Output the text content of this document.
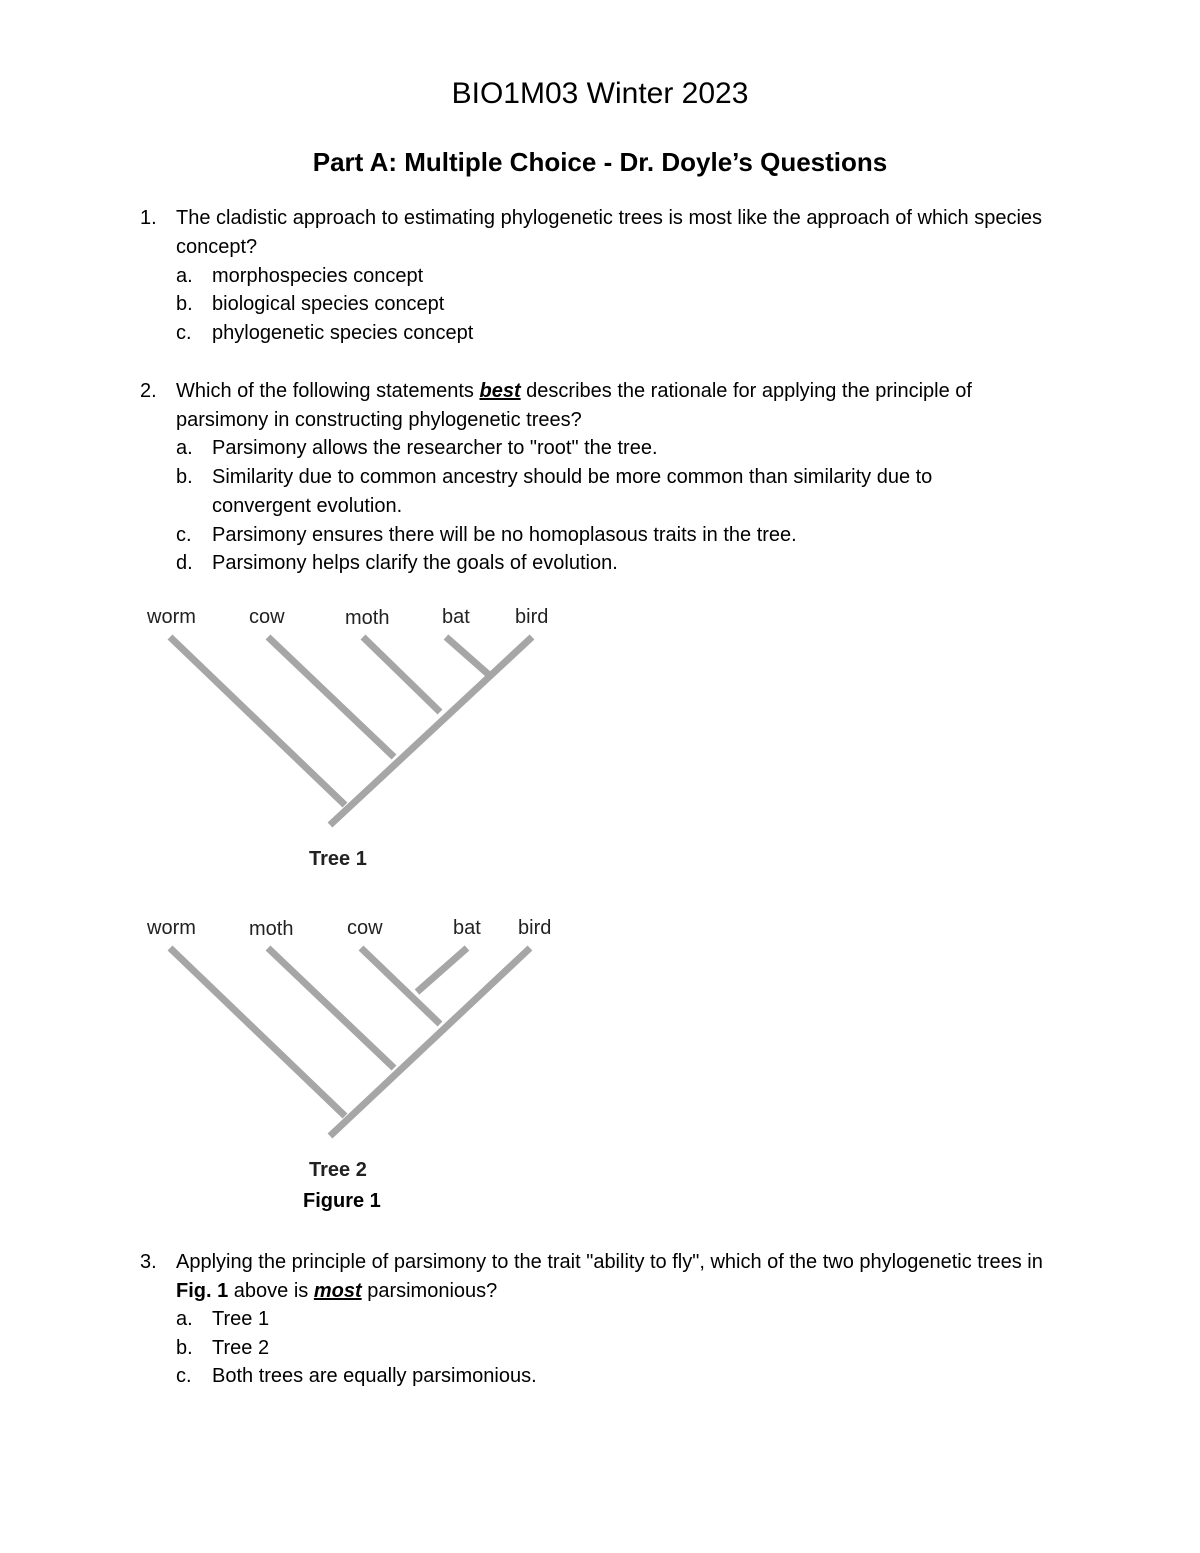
BIO1M03 Winter 2023
Part A: Multiple Choice - Dr. Doyle’s Questions
1. The cladistic approach to estimating phylogenetic trees is most like the approach of which species concept?
a. morphospecies concept
b. biological species concept
c. phylogenetic species concept
2. Which of the following statements best describes the rationale for applying the principle of parsimony in constructing phylogenetic trees?
a. Parsimony allows the researcher to "root" the tree.
b. Similarity due to common ancestry should be more common than similarity due to convergent evolution.
c. Parsimony ensures there will be no homoplasous traits in the tree.
d. Parsimony helps clarify the goals of evolution.
worm	cow	moth	bat bird
Tree 1
worm	moth	cow	bat bird
Tree 2
Figure 1
3. Applying the principle of parsimony to the trait "ability to fly", which of the two phylogenetic trees in Fig. 1 above is most parsimonious?
a. Tree 1
b. Tree 2
c. Both trees are equally parsimonious.
